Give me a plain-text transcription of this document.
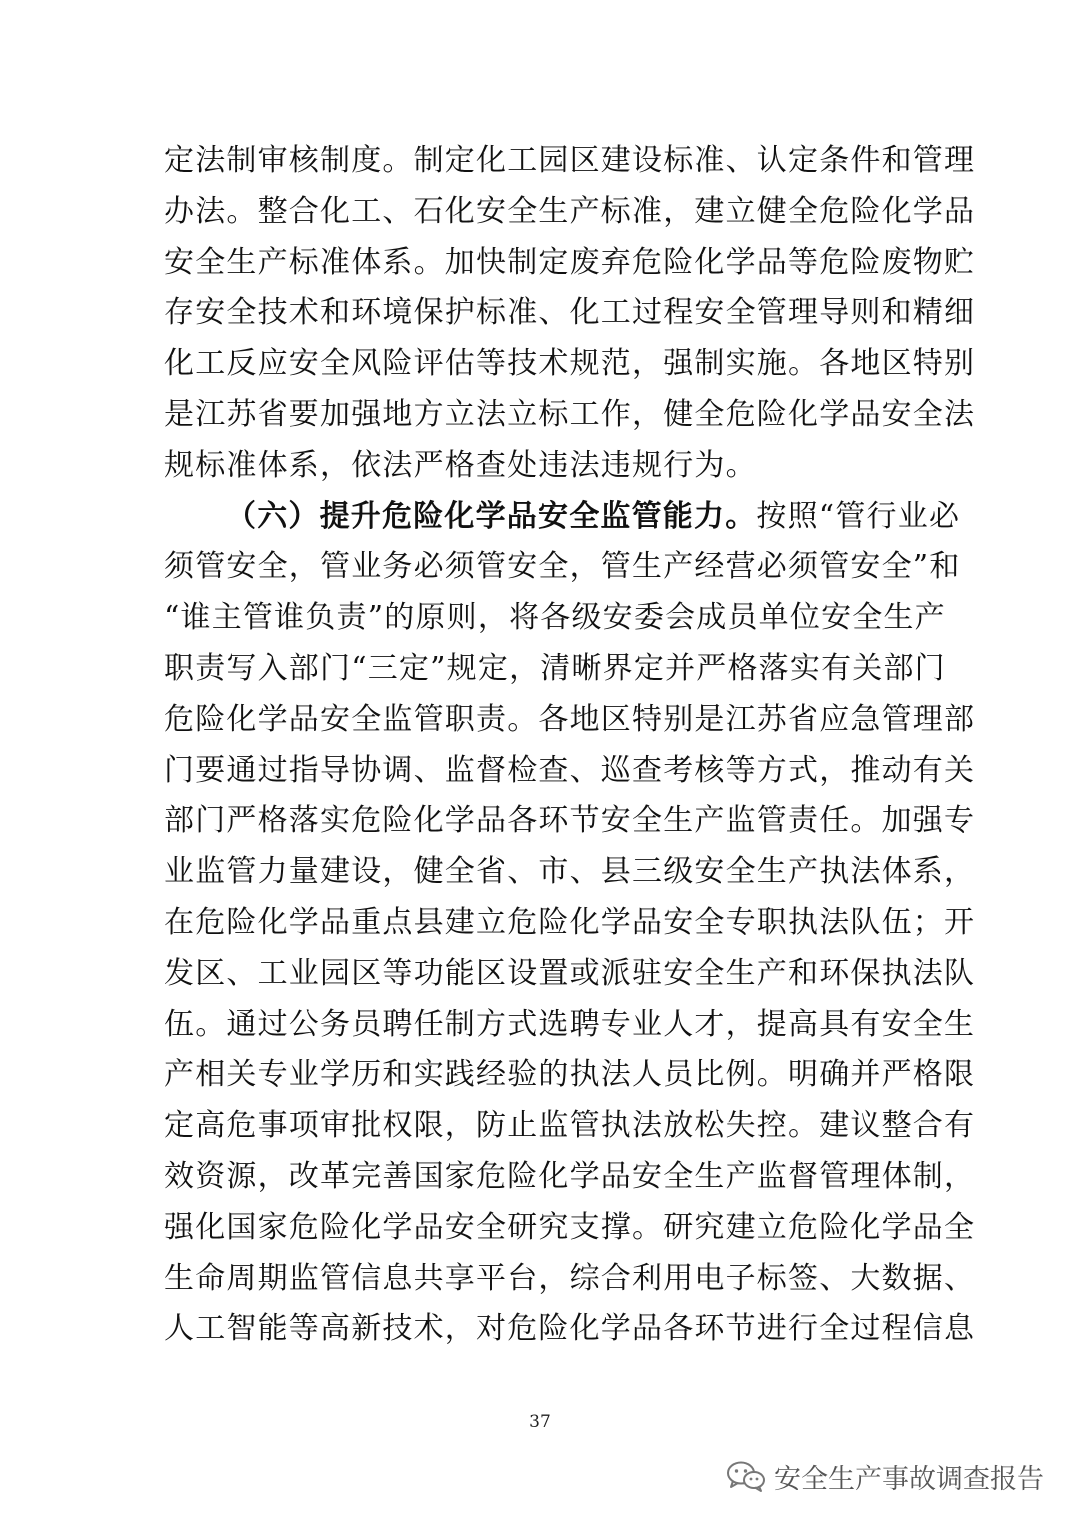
定法制审核制度。制定化工园区建设标准、认定条件和管理
办法。整合化工、石化安全生产标准，建立健全危险化学品
安全生产标准体系。加快制定废弃危险化学品等危险废物贮
存安全技术和环境保护标准、化工过程安全管理导则和精细
化工反应安全风险评估等技术规范，强制实施。各地区特别
是江苏省要加强地方立法立标工作，健全危险化学品安全法
规标准体系，依法严格查处违法违规行为。
（六）提升危险化学品安全监管能力。按照“管行业必
须管安全，管业务必须管安全，管生产经营必须管安全”和
“谁主管谁负责”的原则，将各级安委会成员单位安全生产
职责写入部门“三定”规定，清晰界定并严格落实有关部门
危险化学品安全监管职责。各地区特别是江苏省应急管理部
门要通过指导协调、监督检查、巡查考核等方式，推动有关
部门严格落实危险化学品各环节安全生产监管责任。加强专
业监管力量建设，健全省、市、县三级安全生产执法体系，
在危险化学品重点县建立危险化学品安全专职执法队伍；开
发区、工业园区等功能区设置或派驻安全生产和环保执法队
伍。通过公务员聘任制方式选聘专业人才，提高具有安全生
产相关专业学历和实践经验的执法人员比例。明确并严格限
定高危事项审批权限，防止监管执法放松失控。建议整合有
效资源，改革完善国家危险化学品安全生产监督管理体制，
强化国家危险化学品安全研究支撑。研究建立危险化学品全
生命周期监管信息共享平台，综合利用电子标签、大数据、
人工智能等高新技术，对危险化学品各环节进行全过程信息
37
安全生产事故调查报告
